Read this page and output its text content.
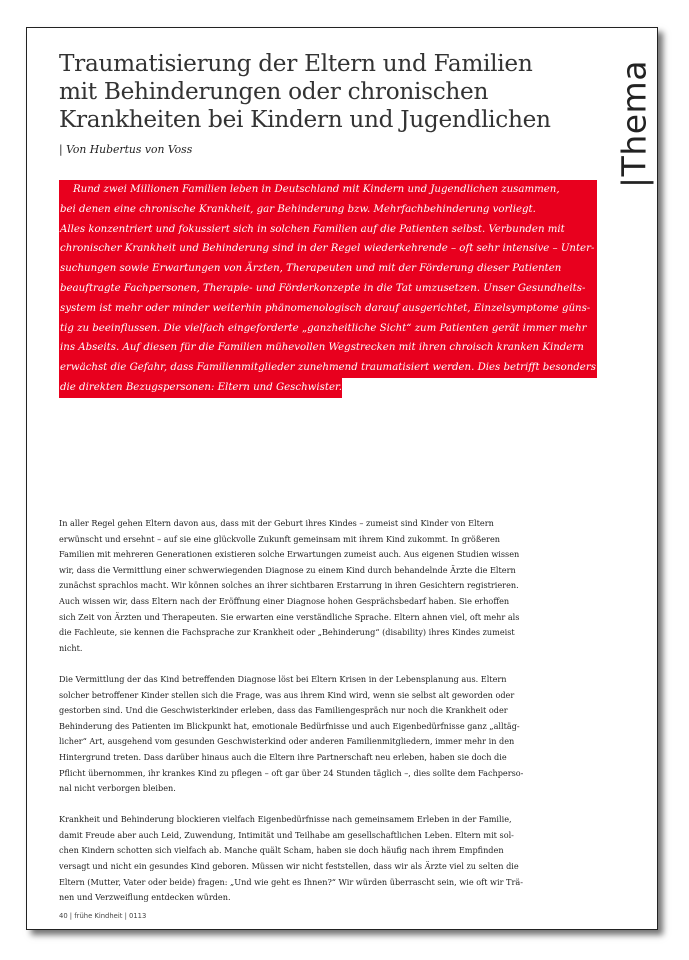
Traumatisierung der Eltern und Familien
mit Behinderungen oder chronischen
Krankheiten bei Kindern und Jugendlichen
| Von Hubertus von Voss	|Thema
Rund zwei Millionen Familien leben in Deutschland mit Kindern und Jugendlichen zusammen,
bei denen eine chronische Krankheit, gar Behinderung bzw. Mehrfachbehinderung vorliegt.
Alles konzentriert und fokussiert sich in solchen Familien auf die Patienten selbst. Verbunden mit
chronischer Krankheit und Behinderung sind in der Regel wiederkehrende – oft sehr intensive – Unter-
suchungen sowie Erwartungen von Ärzten, Therapeuten und mit der Förderung dieser Patienten
beauftragte Fachpersonen, Therapie- und Förderkonzepte in die Tat umzusetzen. Unser Gesundheits-
system ist mehr oder minder weiterhin phänomenologisch darauf ausgerichtet, Einzelsymptome güns-
tig zu beeinflussen. Die vielfach eingeforderte „ganzheitliche Sicht“ zum Patienten gerät immer mehr
ins Abseits. Auf diesen für die Familien mühevollen Wegstrecken mit ihren chroisch kranken Kindern
erwächst die Gefahr, dass Familienmitglieder zunehmend traumatisiert werden. Dies betrifft besonders
die direkten Bezugspersonen: Eltern und Geschwister.

In aller Regel gehen Eltern davon aus, dass mit der Geburt ihres Kindes – zumeist sind Kinder von Eltern
erwünscht und ersehnt – auf sie eine glückvolle Zukunft gemeinsam mit ihrem Kind zukommt. In größeren
Familien mit mehreren Generationen existieren solche Erwartungen zumeist auch. Aus eigenen Studien wissen
wir, dass die Vermittlung einer schwerwiegenden Diagnose zu einem Kind durch behandelnde Ärzte die Eltern
zunächst sprachlos macht. Wir können solches an ihrer sichtbaren Erstarrung in ihren Gesichtern registrieren.
Auch wissen wir, dass Eltern nach der Eröffnung einer Diagnose hohen Gesprächsbedarf haben. Sie erhoffen
sich Zeit von Ärzten und Therapeuten. Sie erwarten eine verständliche Sprache. Eltern ahnen viel, oft mehr als
die Fachleute, sie kennen die Fachsprache zur Krankheit oder „Behinderung“ (disability) ihres Kindes zumeist
nicht.

Die Vermittlung der das Kind betreffenden Diagnose löst bei Eltern Krisen in der Lebensplanung aus. Eltern
solcher betroffener Kinder stellen sich die Frage, was aus ihrem Kind wird, wenn sie selbst alt geworden oder
gestorben sind. Und die Geschwisterkinder erleben, dass das Familiengespräch nur noch die Krankheit oder
Behinderung des Patienten im Blickpunkt hat, emotionale Bedürfnisse und auch Eigenbedürfnisse ganz „alltäg-
licher“ Art, ausgehend vom gesunden Geschwisterkind oder anderen Familienmitgliedern, immer mehr in den
Hintergrund treten. Dass darüber hinaus auch die Eltern ihre Partnerschaft neu erleben, haben sie doch die
Pflicht übernommen, ihr krankes Kind zu pflegen – oft gar über 24 Stunden täglich –, dies sollte dem Fachperso-
nal nicht verborgen bleiben.

Krankheit und Behinderung blockieren vielfach Eigenbedürfnisse nach gemeinsamem Erleben in der Familie,
damit Freude aber auch Leid, Zuwendung, Intimität und Teilhabe am gesellschaftlichen Leben. Eltern mit sol-
chen Kindern schotten sich vielfach ab. Manche quält Scham, haben sie doch häufig nach ihrem Empfinden
versagt und nicht ein gesundes Kind geboren. Müssen wir nicht feststellen, dass wir als Ärzte viel zu selten die
Eltern (Mutter, Vater oder beide) fragen: „Und wie geht es Ihnen?“ Wir würden überrascht sein, wie oft wir Trä-
nen und Verzweiflung entdecken würden.

40 | frühe Kindheit | 0113
